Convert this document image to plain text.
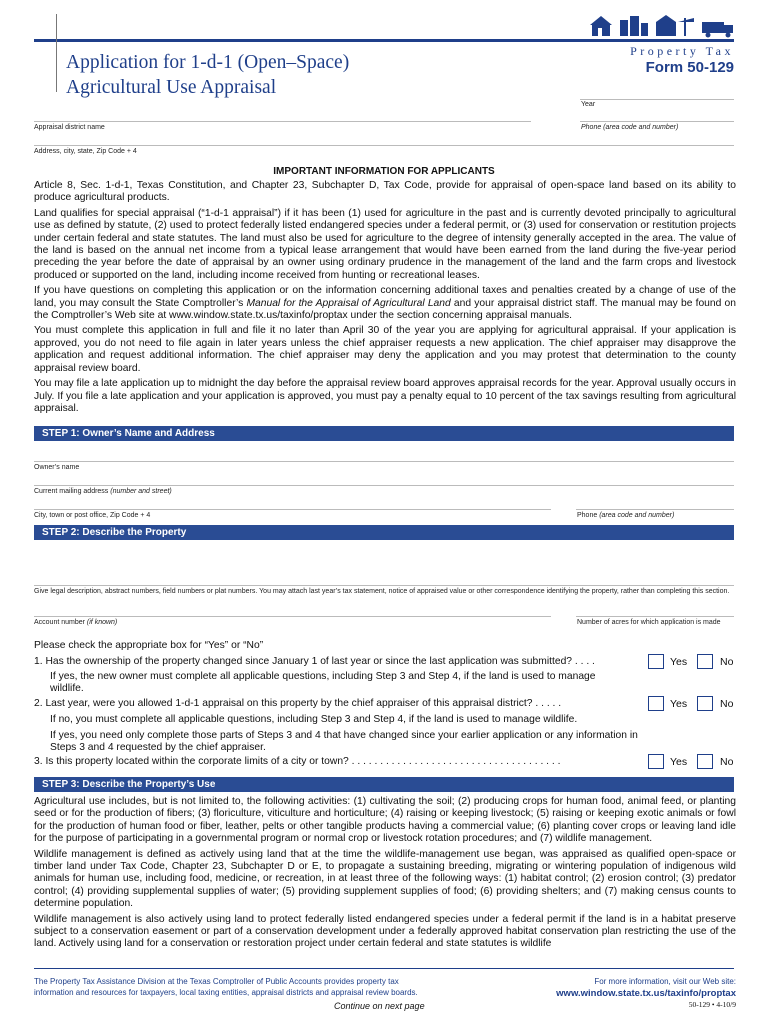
Application for 1-d-1 (Open–Space)
Agricultural Use Appraisal
Property Tax
Form 50-129
Year
Appraisal district name	Phone (area code and number)
Address, city, state, Zip Code + 4
IMPORTANT INFORMATION FOR APPLICANTS
Article 8, Sec. 1-d-1, Texas Constitution, and Chapter 23, Subchapter D, Tax Code, provide for appraisal of open-space land based on its ability to produce agricultural products.
Land qualifies for special appraisal (“1-d-1 appraisal”) if it has been (1) used for agriculture in the past and is currently devoted principally to agricultural use as defined by statute, (2) used to protect federally listed endangered species under a federal permit, or (3) used for conservation or restitution projects under certain federal and state statutes. The land must also be used for agriculture to the degree of intensity generally accepted in the area. The value of the land is based on the annual net income from a typical lease arrangement that would have been earned from the land during the five-year period preceding the year before the date of appraisal by an owner using ordinary prudence in the management of the land and the farm crops and livestock produced or supported on the land, including income received from hunting or recreational leases.
If you have questions on completing this application or on the information concerning additional taxes and penalties created by a change of use of the land, you may consult the State Comptroller’s Manual for the Appraisal of Agricultural Land and your appraisal district staff. The manual may be found on the Comptroller’s Web site at www.window.state.tx.us/taxinfo/proptax under the section concerning appraisal manuals.
You must complete this application in full and file it no later than April 30 of the year you are applying for agricultural appraisal. If your application is approved, you do not need to file again in later years unless the chief appraiser requests a new application. The chief appraiser may disapprove the application and request additional information. The chief appraiser may deny the application and you may protest that determination to the county appraisal review board.
You may file a late application up to midnight the day before the appraisal review board approves appraisal records for the year. Approval usually occurs in July. If you file a late application and your application is approved, you must pay a penalty equal to 10 percent of the tax savings resulting from agricultural appraisal.
STEP 1: Owner’s Name and Address
Owner’s name
Current mailing address (number and street)
City, town or post office, Zip Code + 4	Phone (area code and number)
STEP 2: Describe the Property
Give legal description, abstract numbers, field numbers or plat numbers. You may attach last year’s tax statement, notice of appraised value or other correspondence identifying the property, rather than completing this section.
Account number (if known)	Number of acres for which application is made
Please check the appropriate box for “Yes” or “No”
1. Has the ownership of the property changed since January 1 of last year or since the last application was submitted? . . . .
If yes, the new owner must complete all applicable questions, including Step 3 and Step 4, if the land is used to manage wildlife.
Yes	No
2. Last year, were you allowed 1-d-1 appraisal on this property by the chief appraiser of this appraisal district? . . . . .
If no, you must complete all applicable questions, including Step 3 and Step 4, if the land is used to manage wildlife.
If yes, you need only complete those parts of Steps 3 and 4 that have changed since your earlier application or any information in Steps 3 and 4 requested by the chief appraiser.
Yes	No
3. Is this property located within the corporate limits of a city or town? . . . . . . . . . . . . . . . . . . . . . . . . . . . . . . . . . . . . .	Yes	No
STEP 3: Describe the Property’s Use
Agricultural use includes, but is not limited to, the following activities: (1) cultivating the soil; (2) producing crops for human food, animal feed, or planting seed or for the production of fibers; (3) floriculture, viticulture and horticulture; (4) raising or keeping livestock; (5) raising or keeping exotic animals or fowl for the production of human food or fiber, leather, pelts or other tangible products having a commercial value; (6) planting cover crops or leaving land idle for the purpose of participating in a governmental program or normal crop or livestock rotation procedures; and (7) wildlife management.
Wildlife management is defined as actively using land that at the time the wildlife-management use began, was appraised as qualified open-space or timber land under Tax Code, Chapter 23, Subchapter D or E, to propagate a sustaining breeding, migrating or wintering population of indigenous wild animals for human use, including food, medicine, or recreation, in at least three of the following ways: (1) habitat control; (2) erosion control; (3) predator control; (4) providing supplemental supplies of water; (5) providing supplement supplies of food; (6) providing shelters; and (7) making census counts to determine population.
Wildlife management is also actively using land to protect federally listed endangered species under a federal permit if the land is in a habitat preserve subject to a conservation easement or part of a conservation development under a federally approved habitat conservation plan restricting the use of the land. Actively using land for a conservation or restoration project under certain federal and state statutes is wildlife
The Property Tax Assistance Division at the Texas Comptroller of Public Accounts provides property tax
information and resources for taxpayers, local taxing entities, appraisal districts and appraisal review boards.
For more information, visit our Web site:
www.window.state.tx.us/taxinfo/proptax
Continue on next page	50-129 • 4-10/9
